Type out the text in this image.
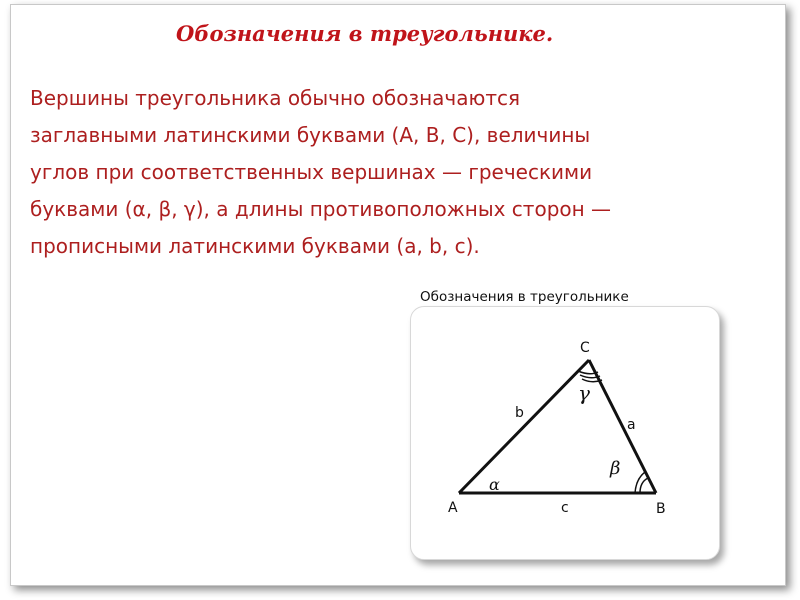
Обозначения в треугольнике.

Вершины треугольника обычно обозначаются
заглавными латинскими буквами (A, B, C), величины
углов при соответственных вершинах — греческими
буквами (α, β, γ), а длины противоположных сторон —
прописными латинскими буквами (a, b, c).

Обозначения в треугольнике
C
A	B
b
a
c
γ
β
α
